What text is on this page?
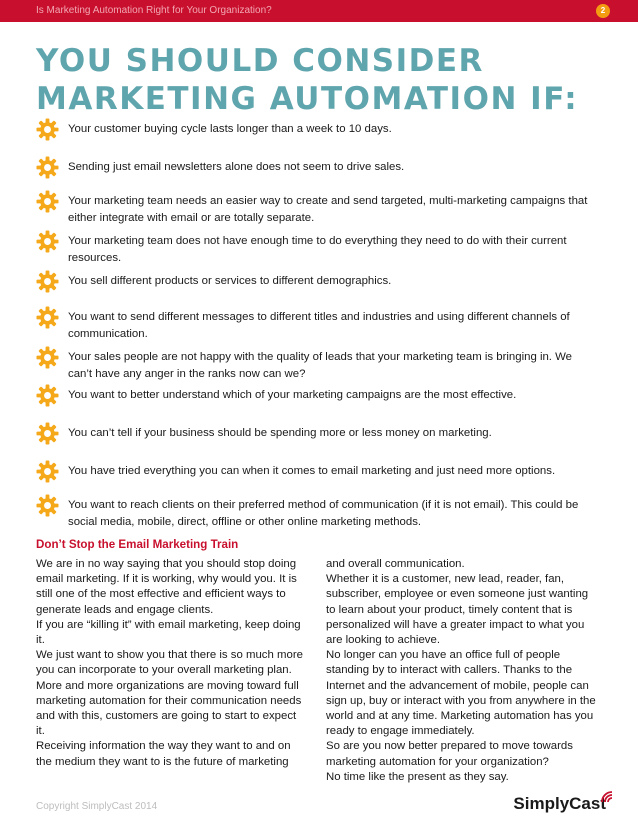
Is Marketing Automation Right for Your Organization?	2
YOU SHOULD CONSIDER
MARKETING AUTOMATION IF:
Your customer buying cycle lasts longer than a week to 10 days.
Sending just email newsletters alone does not seem to drive sales.
Your marketing team needs an easier way to create and send targeted, multi-marketing campaigns that either integrate with email or are totally separate.
Your marketing team does not have enough time to do everything they need to do with their current resources.
You sell different products or services to different demographics.
You want to send different messages to different titles and industries and using different channels of communication.
Your sales people are not happy with the quality of leads that your marketing team is bringing in. We can’t have any anger in the ranks now can we?
You want to better understand which of your marketing campaigns are the most effective.
You can’t tell if your business should be spending more or less money on marketing.
You have tried everything you can when it comes to email marketing and just need more options.
You want to reach clients on their preferred method of communication (if it is not email). This could be social media, mobile, direct, offline or other online marketing methods.
Don’t Stop the Email Marketing Train

We are in no way saying that you should stop doing email marketing. If it is working, why would you. It is still one of the most effective and efficient ways to generate leads and engage clients.

If you are “killing it” with email marketing, keep doing it.

We just want to show you that there is so much more you can incorporate to your overall marketing plan.

More and more organizations are moving toward full marketing automation for their communication needs and with this, customers are going to start to expect it.

Receiving information the way they want to and on the medium they want to is the future of marketing

and overall communication.

Whether it is a customer, new lead, reader, fan, subscriber, employee or even someone just wanting to learn about your product, timely content that is personalized will have a greater impact to what you are looking to achieve.

No longer can you have an office full of people standing by to interact with callers. Thanks to the Internet and the advancement of mobile, people can sign up, buy or interact with you from anywhere in the world and at any time. Marketing automation has you ready to engage immediately.

So are you now better prepared to move towards marketing automation for your organization?

No time like the present as they say.

Copyright SimplyCast 2014	SimplyCast
